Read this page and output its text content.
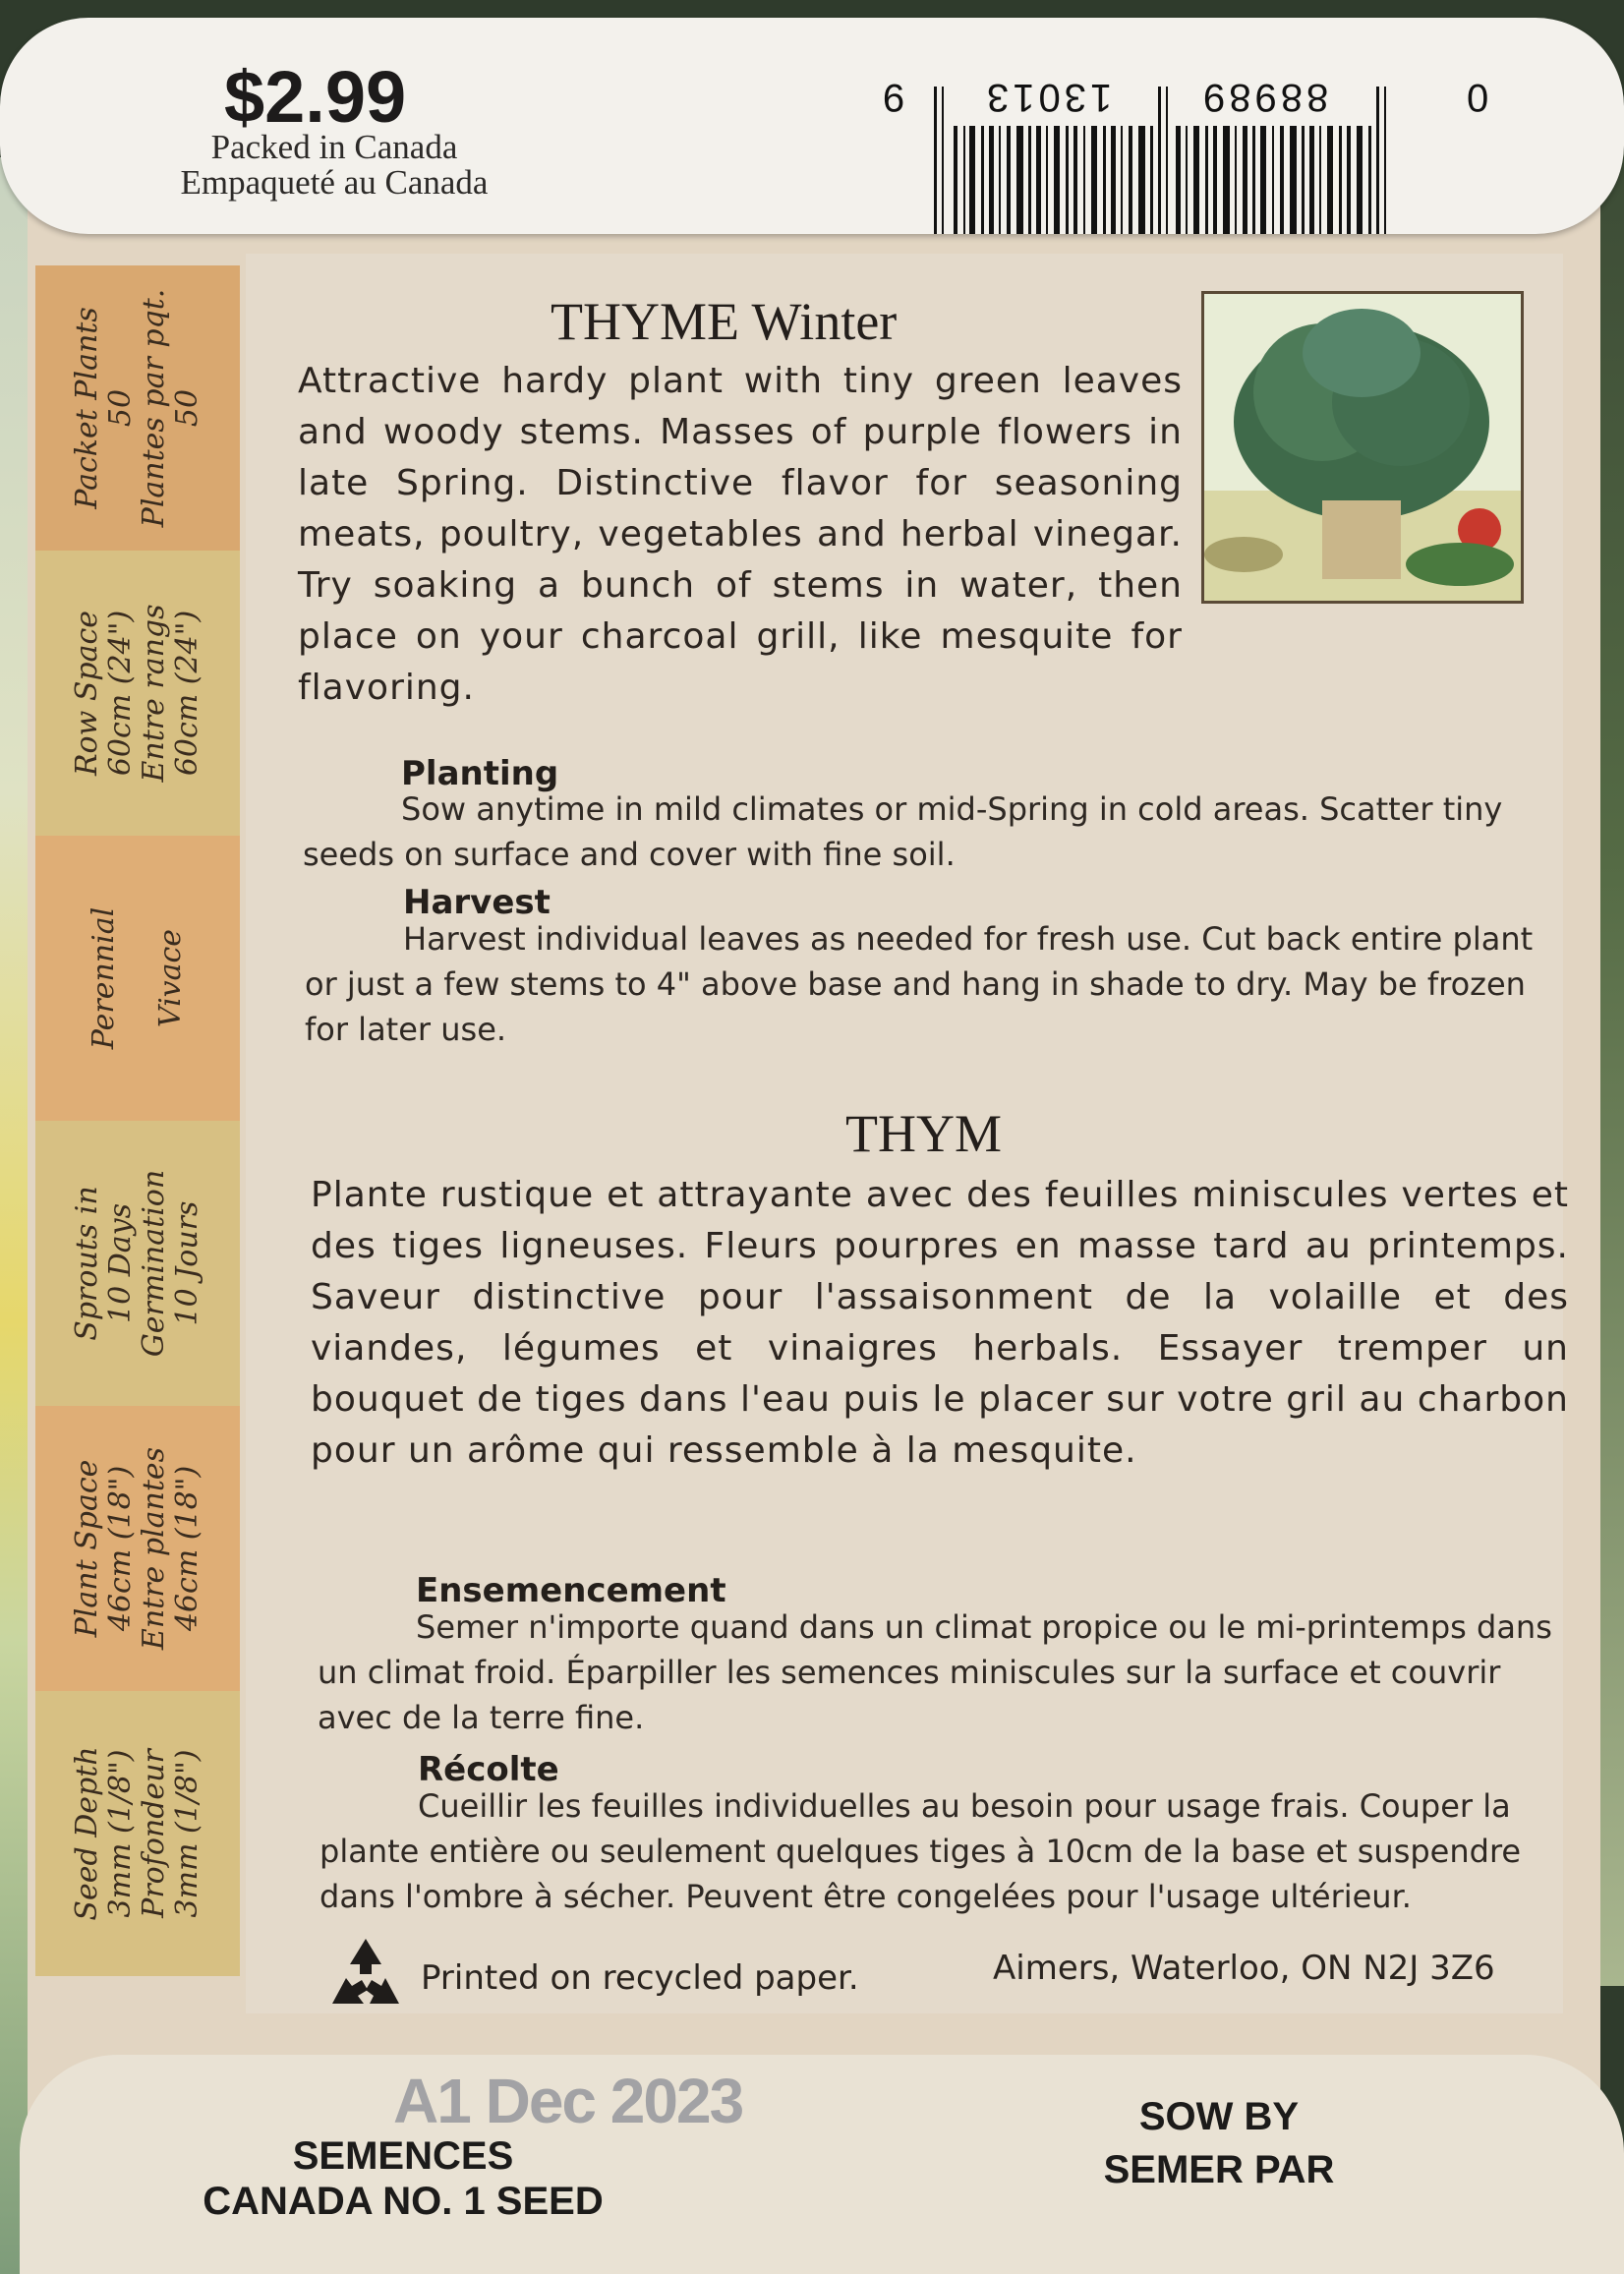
$2.99
Packed in Canada
Empaqueté au Canada
9 13013 88989	0
Packet Plants 50 Plantes par pqt. 50
Row Space 60cm (24") Entre rangs 60cm (24")
Perennial Vivace
Sprouts in 10 Days Germination 10 Jours
Plant Space 46cm (18") Entre plantes 46cm (18")
Seed Depth 3mm (1/8") Profondeur 3mm (1/8")
THYME Winter
Attractive hardy plant with tiny green leaves and woody stems. Masses of purple flowers in late Spring. Distinctive flavor for seasoning meats, poultry, vegetables and herbal vinegar. Try soaking a bunch of stems in water, then place on your charcoal grill, like mesquite for flavoring.
Planting
Sow anytime in mild climates or mid-Spring in cold areas. Scatter tiny seeds on surface and cover with fine soil.
Harvest
Harvest individual leaves as needed for fresh use. Cut back entire plant or just a few stems to 4" above base and hang in shade to dry. May be frozen for later use.
THYM
Plante rustique et attrayante avec des feuilles miniscules vertes et des tiges ligneuses. Fleurs pourpres en masse tard au printemps. Saveur distinctive pour l'assaisonment de la volaille et des viandes, légumes et vinaigres herbals. Essayer tremper un bouquet de tiges dans l'eau puis le placer sur votre gril au charbon pour un arôme qui ressemble à la mesquite.
Ensemencement
Semer n'importe quand dans un climat propice ou le mi-printemps dans un climat froid. Éparpiller les semences miniscules sur la surface et couvrir avec de la terre fine.
Récolte
Cueillir les feuilles individuelles au besoin pour usage frais. Couper la plante entière ou seulement quelques tiges à 10cm de la base et suspendre dans l'ombre à sécher. Peuvent être congelées pour l'usage ultérieur.
Printed on recycled paper.	Aimers, Waterloo, ON N2J 3Z6
A1 Dec 2023
SEMENCES
CANADA NO. 1 SEED
SOW BY
SEMER PAR
